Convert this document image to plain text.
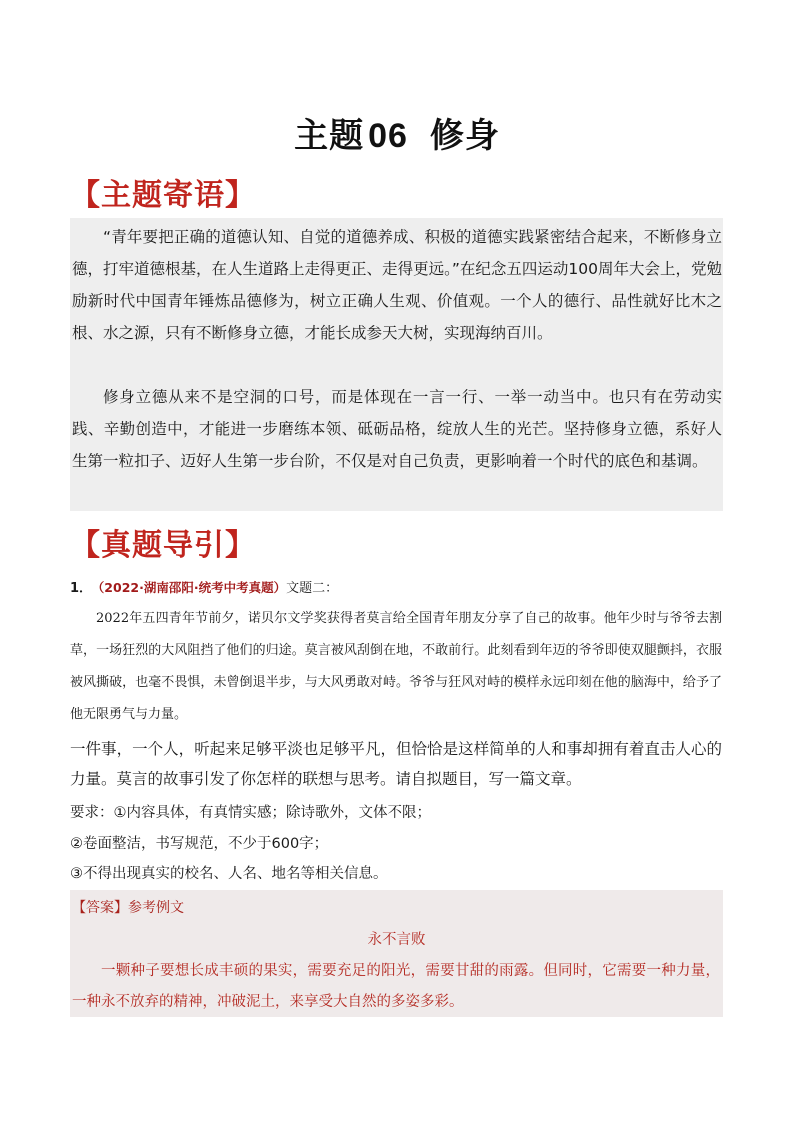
主题 06 修身
【主题寄语】

“青年要把正确的道德认知、自觉的道德养成、积极的道德实践紧密结合起来，不断修身立德，打牢道德根基，在人生道路上走得更正、走得更远。”在纪念五四运动100周年大会上，党勉励新时代中国青年锤炼品德修为，树立正确人生观、价值观。一个人的德行、品性就好比木之根、水之源，只有不断修身立德，才能长成参天大树，实现海纳百川。

修身立德从来不是空洞的口号，而是体现在一言一行、一举一动当中。也只有在劳动实践、辛勤创造中，才能进一步磨练本领、砥砺品格，绽放人生的光芒。坚持修身立德，系好人生第一粒扣子、迈好人生第一步台阶，不仅是对自己负责，更影响着一个时代的底色和基调。

【真题导引】
1． （2022·湖南邵阳·统考中考真题）文题二：

2022年五四青年节前夕，诺贝尔文学奖获得者莫言给全国青年朋友分享了自己的故事。他年少时与爷爷去割草，一场狂烈的大风阻挡了他们的归途。莫言被风刮倒在地，不敢前行。此刻看到年迈的爷爷即使双腿颤抖，衣服被风撕破，也毫不畏惧，未曾倒退半步，与大风勇敢对峙。爷爷与狂风对峙的模样永远印刻在他的脑海中，给予了他无限勇气与力量。

一件事，一个人，听起来足够平淡也足够平凡，但恰恰是这样简单的人和事却拥有着直击人心的力量。莫言的故事引发了你怎样的联想与思考。请自拟题目，写一篇文章。

要求：①内容具体，有真情实感；除诗歌外，文体不限；
②卷面整洁，书写规范，不少于600字；
③不得出现真实的校名、人名、地名等相关信息。
【答案】参考例文
永不言败

一颗种子要想长成丰硕的果实，需要充足的阳光，需要甘甜的雨露。但同时，它需要一种力量，一种永不放弃的精神，冲破泥土，来享受大自然的多姿多彩。
